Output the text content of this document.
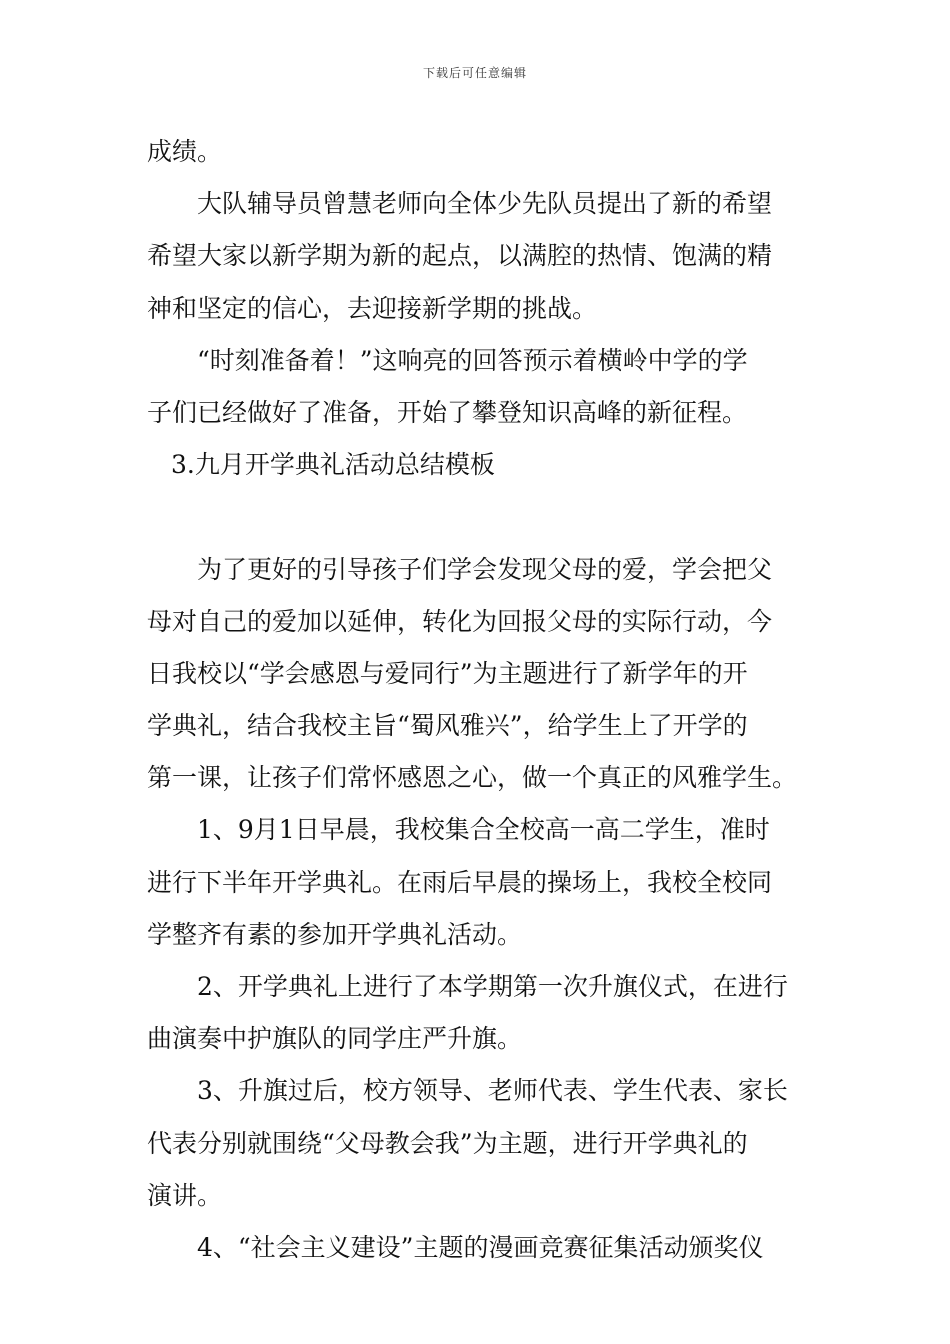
下载后可任意编辑
成绩。
大队辅导员曾慧老师向全体少先队员提出了新的希望
希望大家以新学期为新的起点，以满腔的热情、饱满的精
神和坚定的信心，去迎接新学期的挑战。
“时刻准备着！”这响亮的回答预示着横岭中学的学
子们已经做好了准备，开始了攀登知识高峰的新征程。
3.九月开学典礼活动总结模板
为了更好的引导孩子们学会发现父母的爱，学会把父
母对自己的爱加以延伸，转化为回报父母的实际行动，今
日我校以“学会感恩与爱同行”为主题进行了新学年的开
学典礼，结合我校主旨“蜀风雅兴”，给学生上了开学的
第一课，让孩子们常怀感恩之心，做一个真正的风雅学生。
1、9月1日早晨，我校集合全校高一高二学生，准时
进行下半年开学典礼。在雨后早晨的操场上，我校全校同
学整齐有素的参加开学典礼活动。
2、开学典礼上进行了本学期第一次升旗仪式，在进行
曲演奏中护旗队的同学庄严升旗。
3、升旗过后，校方领导、老师代表、学生代表、家长
代表分别就围绕“父母教会我”为主题，进行开学典礼的
演讲。
4、“社会主义建设”主题的漫画竞赛征集活动颁奖仪
